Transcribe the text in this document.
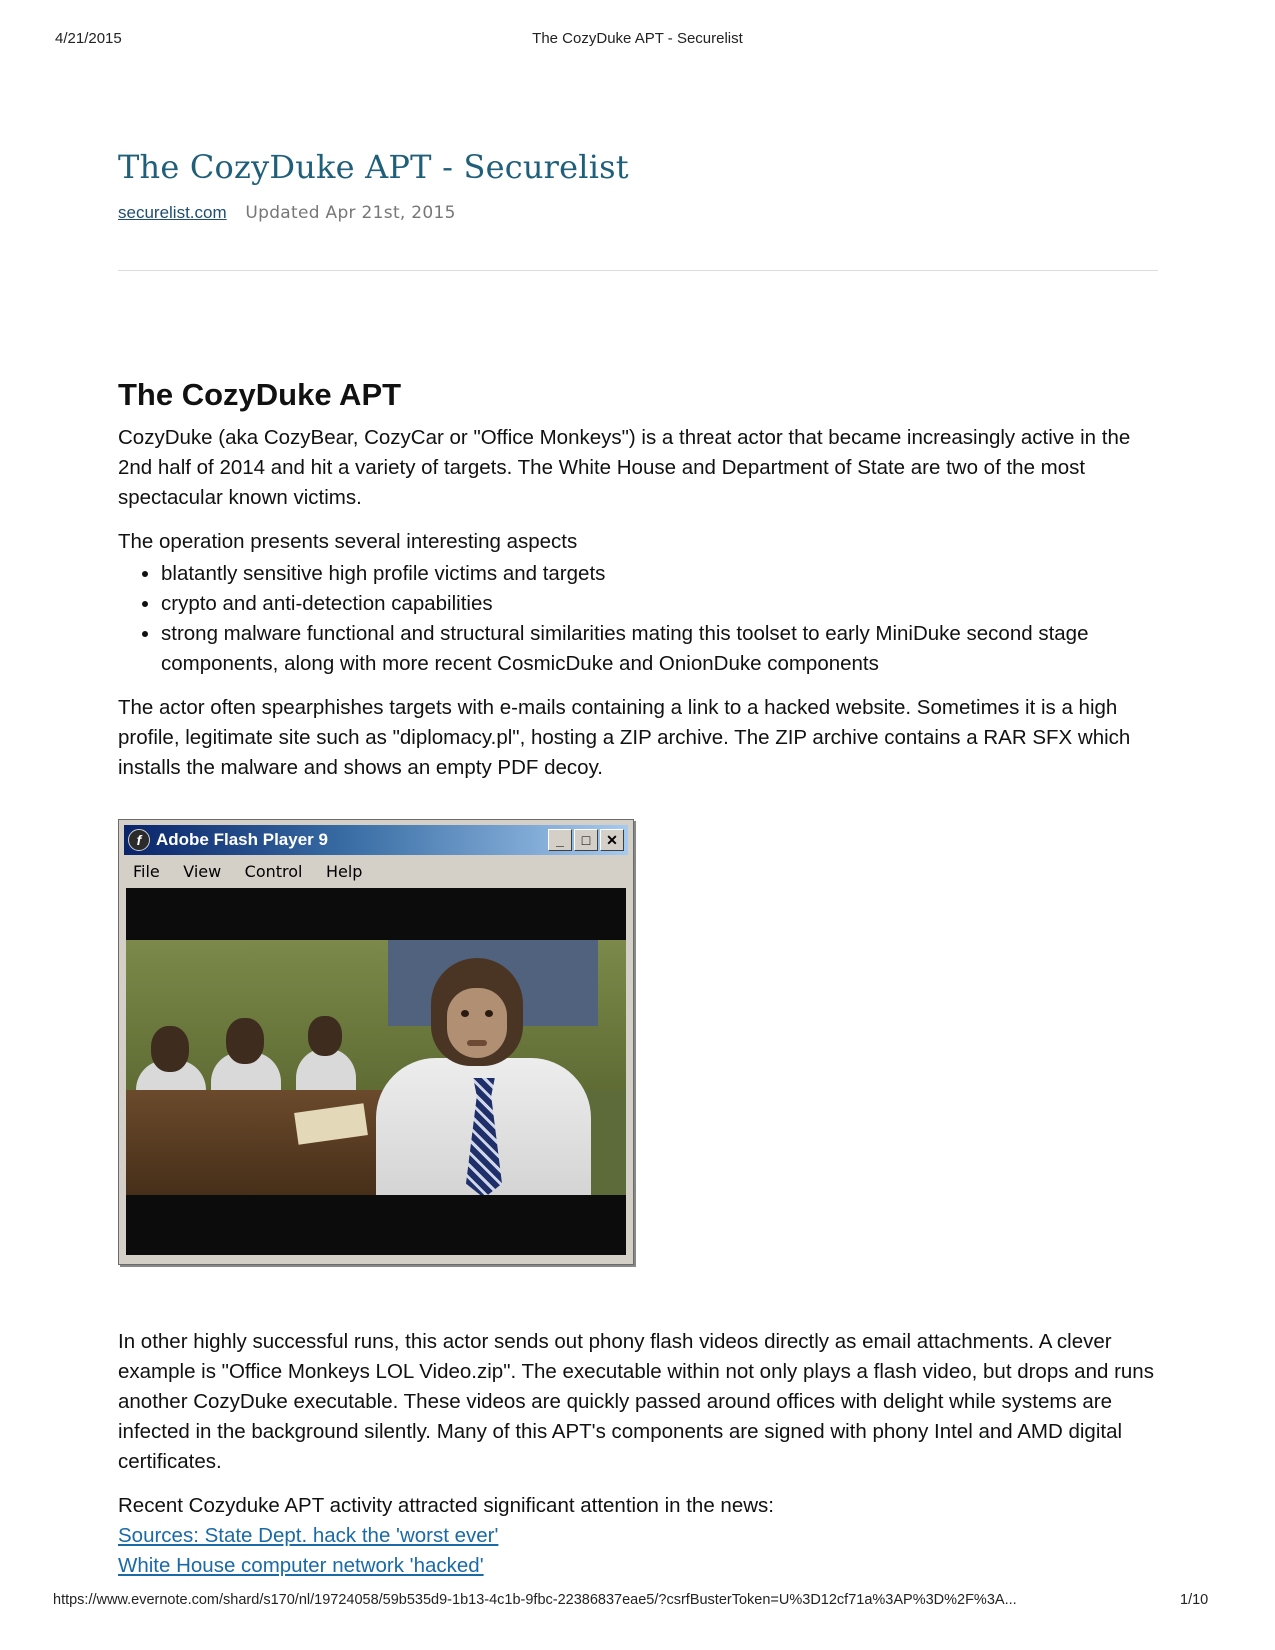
4/21/2015	The CozyDuke APT - Securelist
The CozyDuke APT - Securelist
securelist.com Updated Apr 21st, 2015
The CozyDuke APT

CozyDuke (aka CozyBear, CozyCar or "Office Monkeys") is a threat actor that became increasingly active in the 2nd half of 2014 and hit a variety of targets. The White House and Department of State are two of the most spectacular known victims.

The operation presents several interesting aspects

• blatantly sensitive high profile victims and targets
• crypto and anti-detection capabilities
• strong malware functional and structural similarities mating this toolset to early MiniDuke second stage components, along with more recent CosmicDuke and OnionDuke components

The actor often spearphishes targets with e-mails containing a link to a hacked website. Sometimes it is a high profile, legitimate site such as "diplomacy.pl", hosting a ZIP archive. The ZIP archive contains a RAR SFX which installs the malware and shows an empty PDF decoy.

f Adobe Flash Player 9	_	□	✕
File View Control Help

In other highly successful runs, this actor sends out phony flash videos directly as email attachments. A clever example is "Office Monkeys LOL Video.zip". The executable within not only plays a flash video, but drops and runs another CozyDuke executable. These videos are quickly passed around offices with delight while systems are infected in the background silently. Many of this APT's components are signed with phony Intel and AMD digital certificates.

Recent Cozyduke APT activity attracted significant attention in the news:
Sources: State Dept. hack the 'worst ever'
White House computer network 'hacked'
https://www.evernote.com/shard/s170/nl/19724058/59b535d9-1b13-4c1b-9fbc-22386837eae5/?csrfBusterToken=U%3D12cf71a%3AP%3D%2F%3A...	1/10
